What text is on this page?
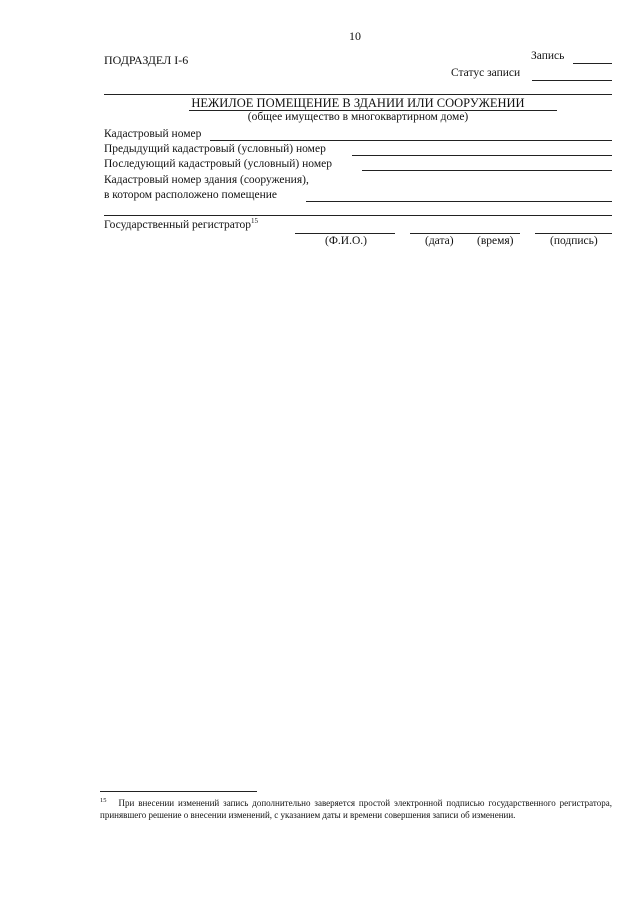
10
ПОДРАЗДЕЛ I-6	Запись
Статус записи
НЕЖИЛОЕ ПОМЕЩЕНИЕ В ЗДАНИИ ИЛИ СООРУЖЕНИИ
(общее имущество в многоквартирном доме)
Кадастровый номер
Предыдущий кадастровый (условный) номер
Последующий кадастровый (условный) номер
Кадастровый номер здания (сооружения),
в котором расположено помещение
Государственный регистратор$^{15}$
(Ф.И.О.)	(дата) (время)	(подпись)
$^{15}$ При внесении изменений запись дополнительно заверяется простой электронной подписью государственного регистратора, принявшего решение о внесении изменений, с указанием даты и времени совершения записи об изменении.
